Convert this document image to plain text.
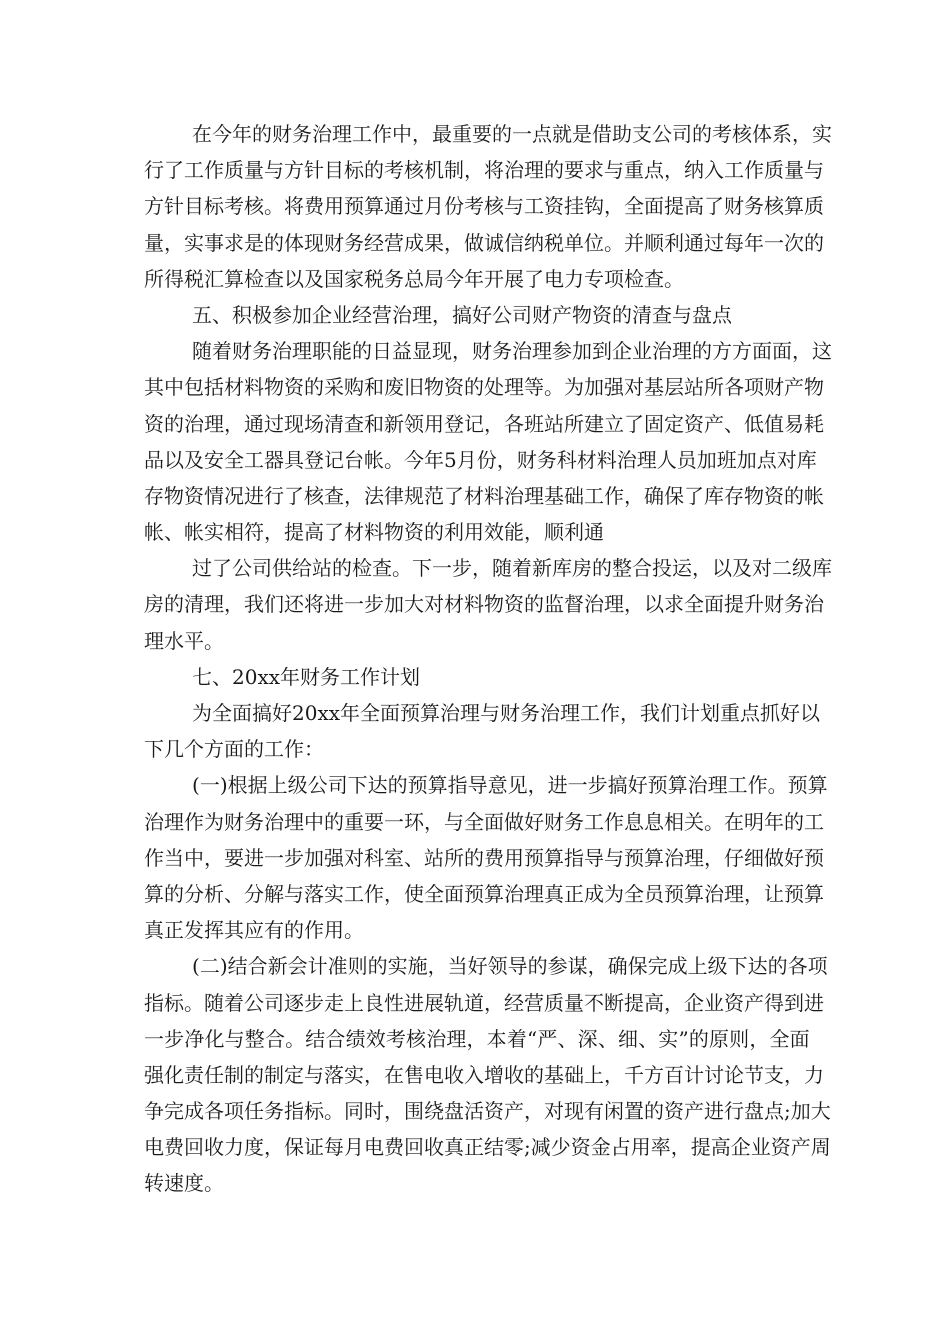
在 今 年 的 财 务 治 理 工 作 中 ， 最 重 要 的 一 点 就 是 借 助 支 公 司 的 考 核 体 系 ， 实
行 了 工 作 质 量 与 方 针 目 标 的 考 核 机 制 ， 将 治 理 的 要 求 与 重 点 ， 纳 入 工 作 质 量 与
方 针 目 标 考 核 。 将 费 用 预 算 通 过 月 份 考 核 与 工 资 挂 钩 ， 全 面 提 高 了 财 务 核 算 质
量 ， 实 事 求 是 的 体 现 财 务 经 营 成 果 ， 做 诚 信 纳 税 单 位 。 并 顺 利 通 过 每 年 一 次 的
所得税汇算检查以及国家税务总局今年开展了电力专项检查。
五、积极参加企业经营治理，搞好公司财产物资的清查与盘点
随 着 财 务 治 理 职 能 的 日 益 显 现 ， 财 务 治 理 参 加 到 企 业 治 理 的 方 方 面 面 ， 这
其 中 包 括 材 料 物 资 的 采 购 和 废 旧 物 资 的 处 理 等 。 为 加 强 对 基 层 站 所 各 项 财 产 物
资 的 治 理 ， 通 过 现 场 清 查 和 新 领 用 登 记 ， 各 班 站 所 建 立 了 固 定 资 产 、 低 值 易 耗
品 以 及 安 全 工 器 具 登 记 台 帐 。 今 年 5 月 份 ， 财 务 科 材 料 治 理 人 员 加 班 加 点 对 库
存 物 资 情 况 进 行 了 核 查 ， 法 律 规 范 了 材 料 治 理 基 础 工 作 ， 确 保 了 库 存 物 资 的 帐
帐、帐实相符，提高了材料物资的利用效能，顺利通
过 了 公 司 供 给 站 的 检 查 。 下 一 步 ， 随 着 新 库 房 的 整 合 投 运 ， 以 及 对 二 级 库
房 的 清 理 ， 我 们 还 将 进 一 步 加 大 对 材 料 物 资 的 监 督 治 理 ， 以 求 全 面 提 升 财 务 治
理水平。
七、20xx年财务工作计划
为 全 面 搞 好 2 0 x x 年 全 面 预 算 治 理 与 财 务 治 理 工 作 ， 我 们 计 划 重 点 抓 好 以
下几个方面的工作：
( 一 ) 根 据 上 级 公 司 下 达 的 预 算 指 导 意 见 ， 进 一 步 搞 好 预 算 治 理 工 作 。 预 算
治 理 作 为 财 务 治 理 中 的 重 要 一 环 ， 与 全 面 做 好 财 务 工 作 息 息 相 关 。 在 明 年 的 工
作 当 中 ， 要 进 一 步 加 强 对 科 室 、 站 所 的 费 用 预 算 指 导 与 预 算 治 理 ， 仔 细 做 好 预
算 的 分 析 、 分 解 与 落 实 工 作 ， 使 全 面 预 算 治 理 真 正 成 为 全 员 预 算 治 理 ， 让 预 算
真正发挥其应有的作用。
( 二 ) 结 合 新 会 计 准 则 的 实 施 ， 当 好 领 导 的 参 谋 ， 确 保 完 成 上 级 下 达 的 各 项
指 标 。 随 着 公 司 逐 步 走 上 良 性 进 展 轨 道 ， 经 营 质 量 不 断 提 高 ， 企 业 资 产 得 到 进
一 步 净 化 与 整 合 。 结 合 绩 效 考 核 治 理 ， 本 着 “ 严 、 深 、 细 、 实 ” 的 原 则 ， 全 面
强 化 责 任 制 的 制 定 与 落 实 ， 在 售 电 收 入 增 收 的 基 础 上 ， 千 方 百 计 讨 论 节 支 ， 力
争 完 成 各 项 任 务 指 标 。 同 时 ， 围 绕 盘 活 资 产 ， 对 现 有 闲 置 的 资 产 进 行 盘 点 ; 加 大
电 费 回 收 力 度 ， 保 证 每 月 电 费 回 收 真 正 结 零 ; 减 少 资 金 占 用 率 ， 提 高 企 业 资 产 周
转速度。
